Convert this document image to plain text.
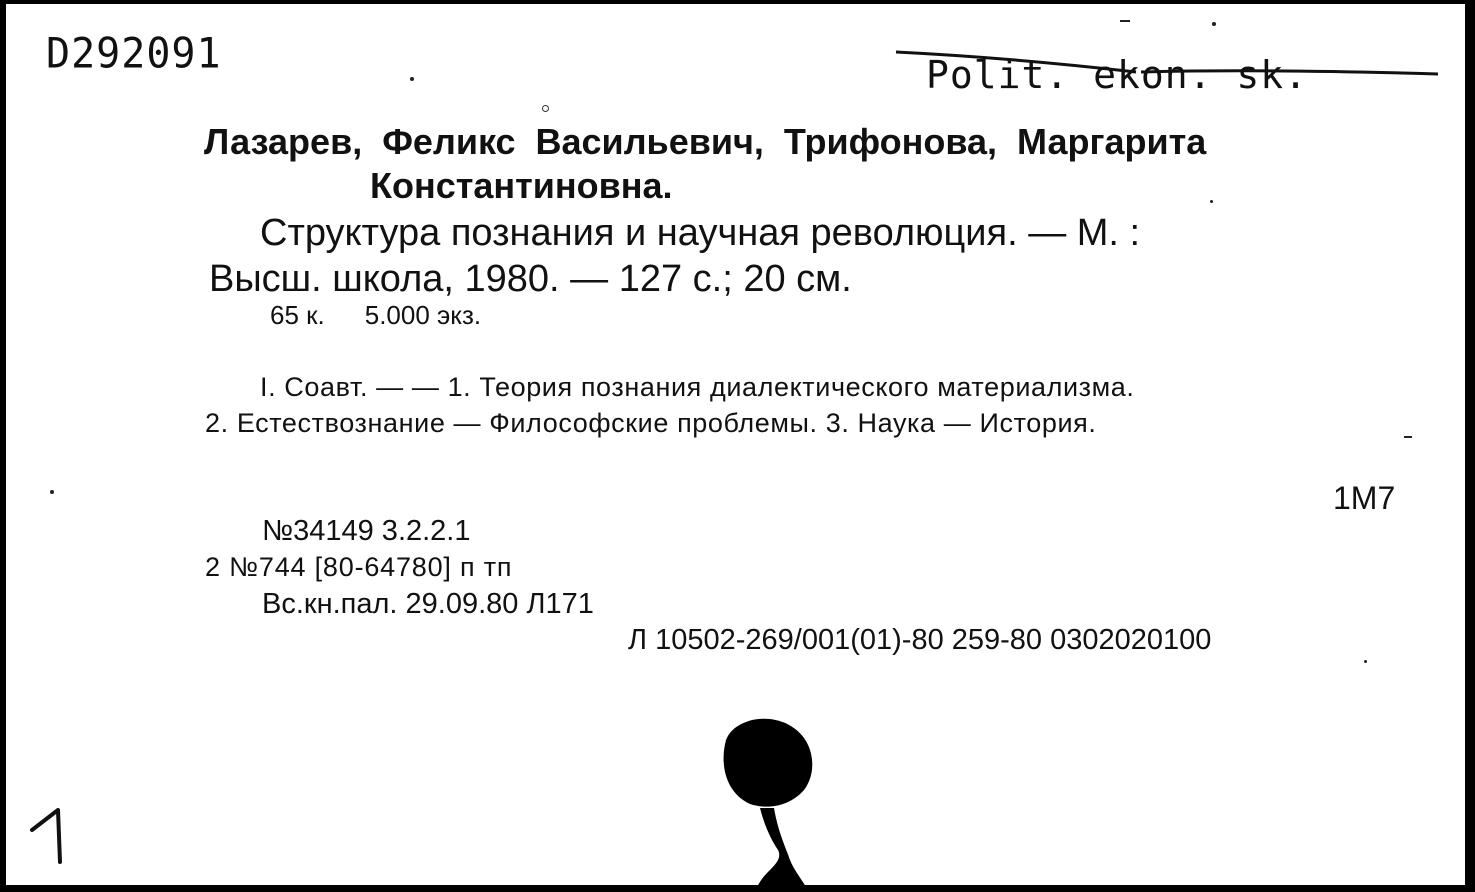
D292091	Polit. ekon. sk.
Лазарев, Феликс Васильевич, Трифонова, Маргарита
Константиновна.
Структура познания и научная революция. — М. :
Высш. школа, 1980. — 127 с.; 20 см.
65 к. 5.000 экз.
I. Соавт. — — 1. Теория познания диалектического материализма.
2. Естествознание — Философские проблемы. 3. Наука — История.
1М7
№34149 3.2.2.1
2 №744 [80-64780] п тп
Вс.кн.пал. 29.09.80 Л171
Л 10502-269/001(01)-80 259-80 0302020100
